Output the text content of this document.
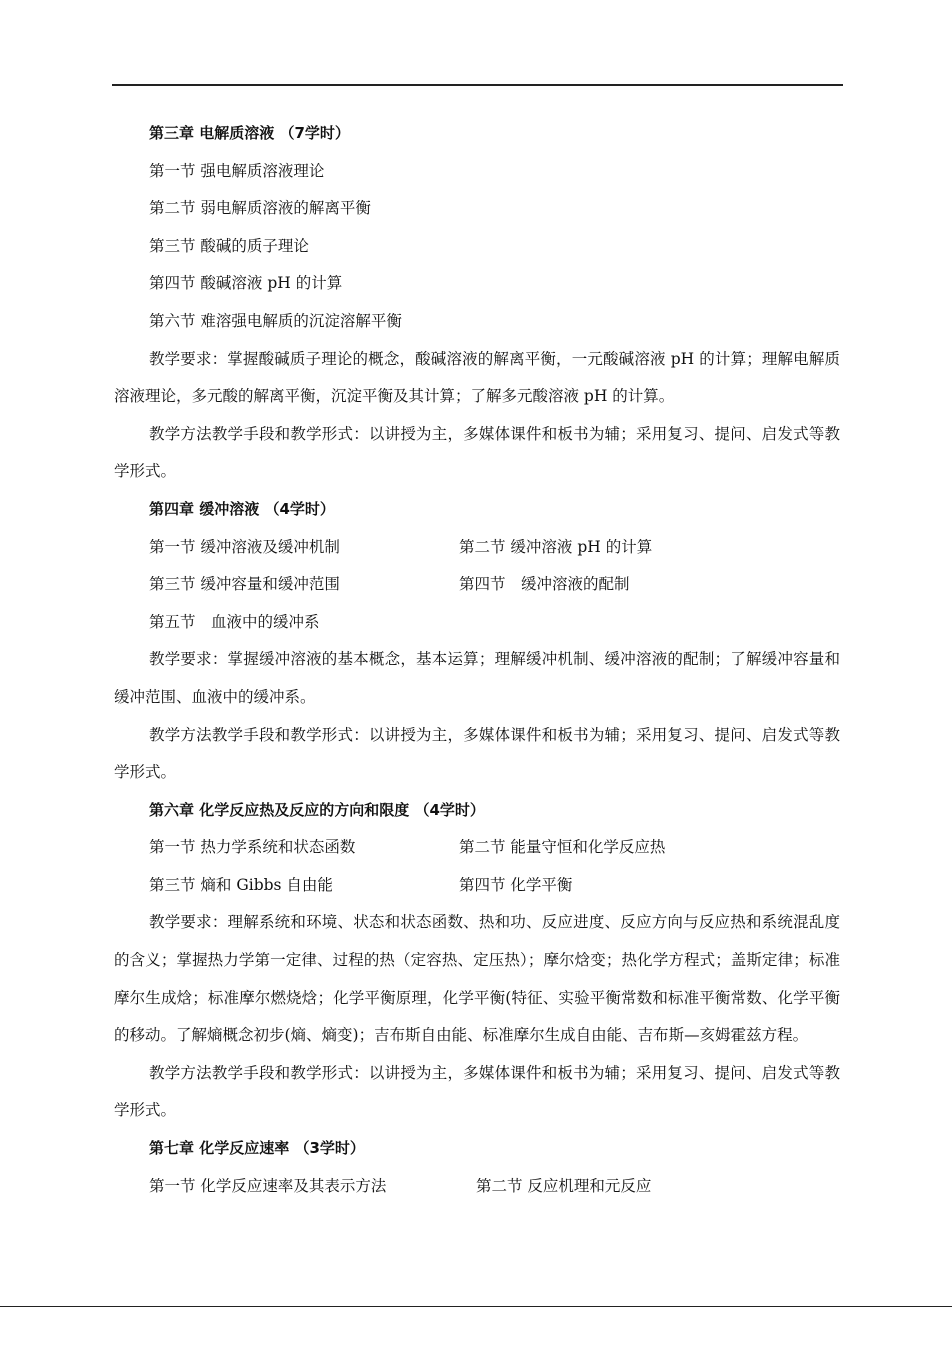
第三章 电解质溶液 （7学时）
第一节 强电解质溶液理论
第二节 弱电解质溶液的解离平衡
第三节 酸碱的质子理论
第四节 酸碱溶液 pH 的计算
第六节 难溶强电解质的沉淀溶解平衡

教学要求：掌握酸碱质子理论的概念，酸碱溶液的解离平衡，一元酸碱溶液 pH 的计算；理解电解质溶液理论，多元酸的解离平衡，沉淀平衡及其计算；了解多元酸溶液 pH 的计算。

教学方法教学手段和教学形式：以讲授为主，多媒体课件和板书为辅；采用复习、提问、启发式等教学形式。

第四章 缓冲溶液 （4学时）
第一节 缓冲溶液及缓冲机制	第二节 缓冲溶液 pH 的计算
第三节 缓冲容量和缓冲范围	第四节　缓冲溶液的配制
第五节　血液中的缓冲系

教学要求：掌握缓冲溶液的基本概念，基本运算；理解缓冲机制、缓冲溶液的配制；了解缓冲容量和缓冲范围、血液中的缓冲系。

教学方法教学手段和教学形式：以讲授为主，多媒体课件和板书为辅；采用复习、提问、启发式等教学形式。

第六章 化学反应热及反应的方向和限度 （4学时）
第一节 热力学系统和状态函数	第二节 能量守恒和化学反应热
第三节 熵和 Gibbs 自由能	第四节 化学平衡

教学要求：理解系统和环境、状态和状态函数、热和功、反应进度、反应方向与反应热和系统混乱度的含义；掌握热力学第一定律、过程的热（定容热、定压热）；摩尔焓变；热化学方程式；盖斯定律；标准摩尔生成焓；标准摩尔燃烧焓；化学平衡原理，化学平衡(特征、实验平衡常数和标准平衡常数、化学平衡的移动。了解熵概念初步(熵、熵变)；吉布斯自由能、标准摩尔生成自由能、吉布斯—亥姆霍兹方程。

教学方法教学手段和教学形式：以讲授为主，多媒体课件和板书为辅；采用复习、提问、启发式等教学形式。

第七章 化学反应速率 （3学时）
第一节 化学反应速率及其表示方法	第二节 反应机理和元反应
